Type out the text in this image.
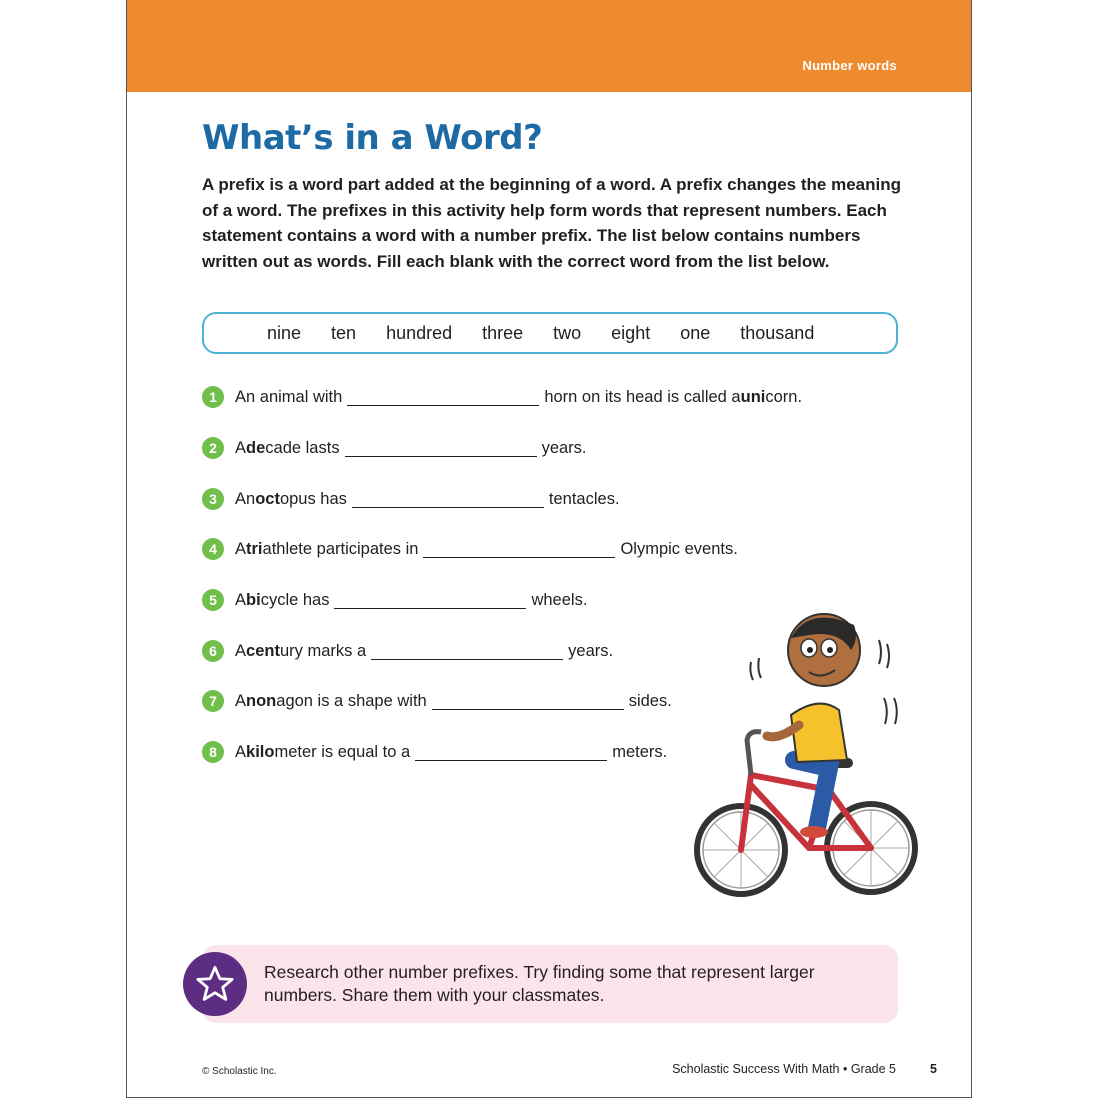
Number words
What’s in a Word?

A prefix is a word part added at the beginning of a word. A prefix changes the meaning of a word. The prefixes in this activity help form words that represent numbers. Each statement contains a word with a number prefix. The list below contains numbers written out as words. Fill each blank with the correct word from the list below.

nine ten hundred three two eight one thousand
1	An animal with	horn on its head is called a uni corn.
2	A de cade lasts	years.
3	An oct opus has	tentacles.
4	A tri athlete participates in	Olympic events.
5	A bi cycle has	wheels.
6	A cent ury marks a	years.
7	A non agon is a shape with	sides.
8	A kilo meter is equal to a	meters.

Research other number prefixes. Try finding some that represent larger numbers. Share them with your classmates.

© Scholastic Inc.	Scholastic Success With Math • Grade 5	5
